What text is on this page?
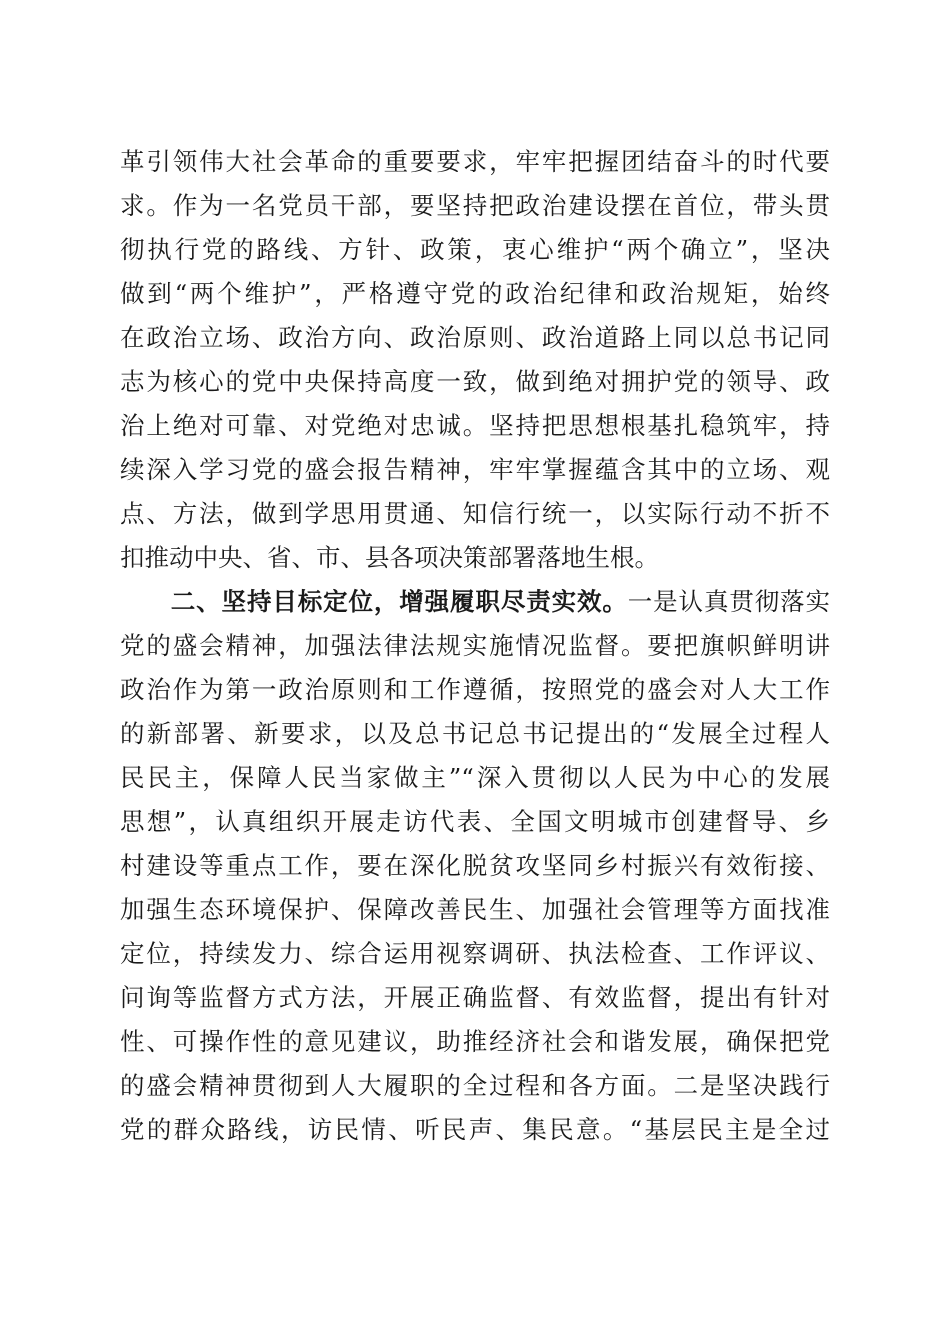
革引领伟大社会革命的重要要求，牢牢把握团结奋斗的时代要
求。作为一名党员干部，要坚持把政治建设摆在首位，带头贯
彻执行党的路线、方针、政策，衷心维护“两个确立”，坚决
做到“两个维护”，严格遵守党的政治纪律和政治规矩，始终
在政治立场、政治方向、政治原则、政治道路上同以总书记同
志为核心的党中央保持高度一致，做到绝对拥护党的领导、政
治上绝对可靠、对党绝对忠诚。坚持把思想根基扎稳筑牢，持
续深入学习党的盛会报告精神，牢牢掌握蕴含其中的立场、观
点、方法，做到学思用贯通、知信行统一，以实际行动不折不
扣推动中央、省、市、县各项决策部署落地生根。
　　二、坚持目标定位，增强履职尽责实效。一是认真贯彻落实
党的盛会精神，加强法律法规实施情况监督。要把旗帜鲜明讲
政治作为第一政治原则和工作遵循，按照党的盛会对人大工作
的新部署、新要求，以及总书记总书记提出的“发展全过程人
民民主，保障人民当家做主”“深入贯彻以人民为中心的发展
思想”，认真组织开展走访代表、全国文明城市创建督导、乡
村建设等重点工作，要在深化脱贫攻坚同乡村振兴有效衔接、
加强生态环境保护、保障改善民生、加强社会管理等方面找准
定位，持续发力、综合运用视察调研、执法检查、工作评议、
问询等监督方式方法，开展正确监督、有效监督，提出有针对
性、可操作性的意见建议，助推经济社会和谐发展，确保把党
的盛会精神贯彻到人大履职的全过程和各方面。二是坚决践行
党的群众路线，访民情、听民声、集民意。“基层民主是全过
